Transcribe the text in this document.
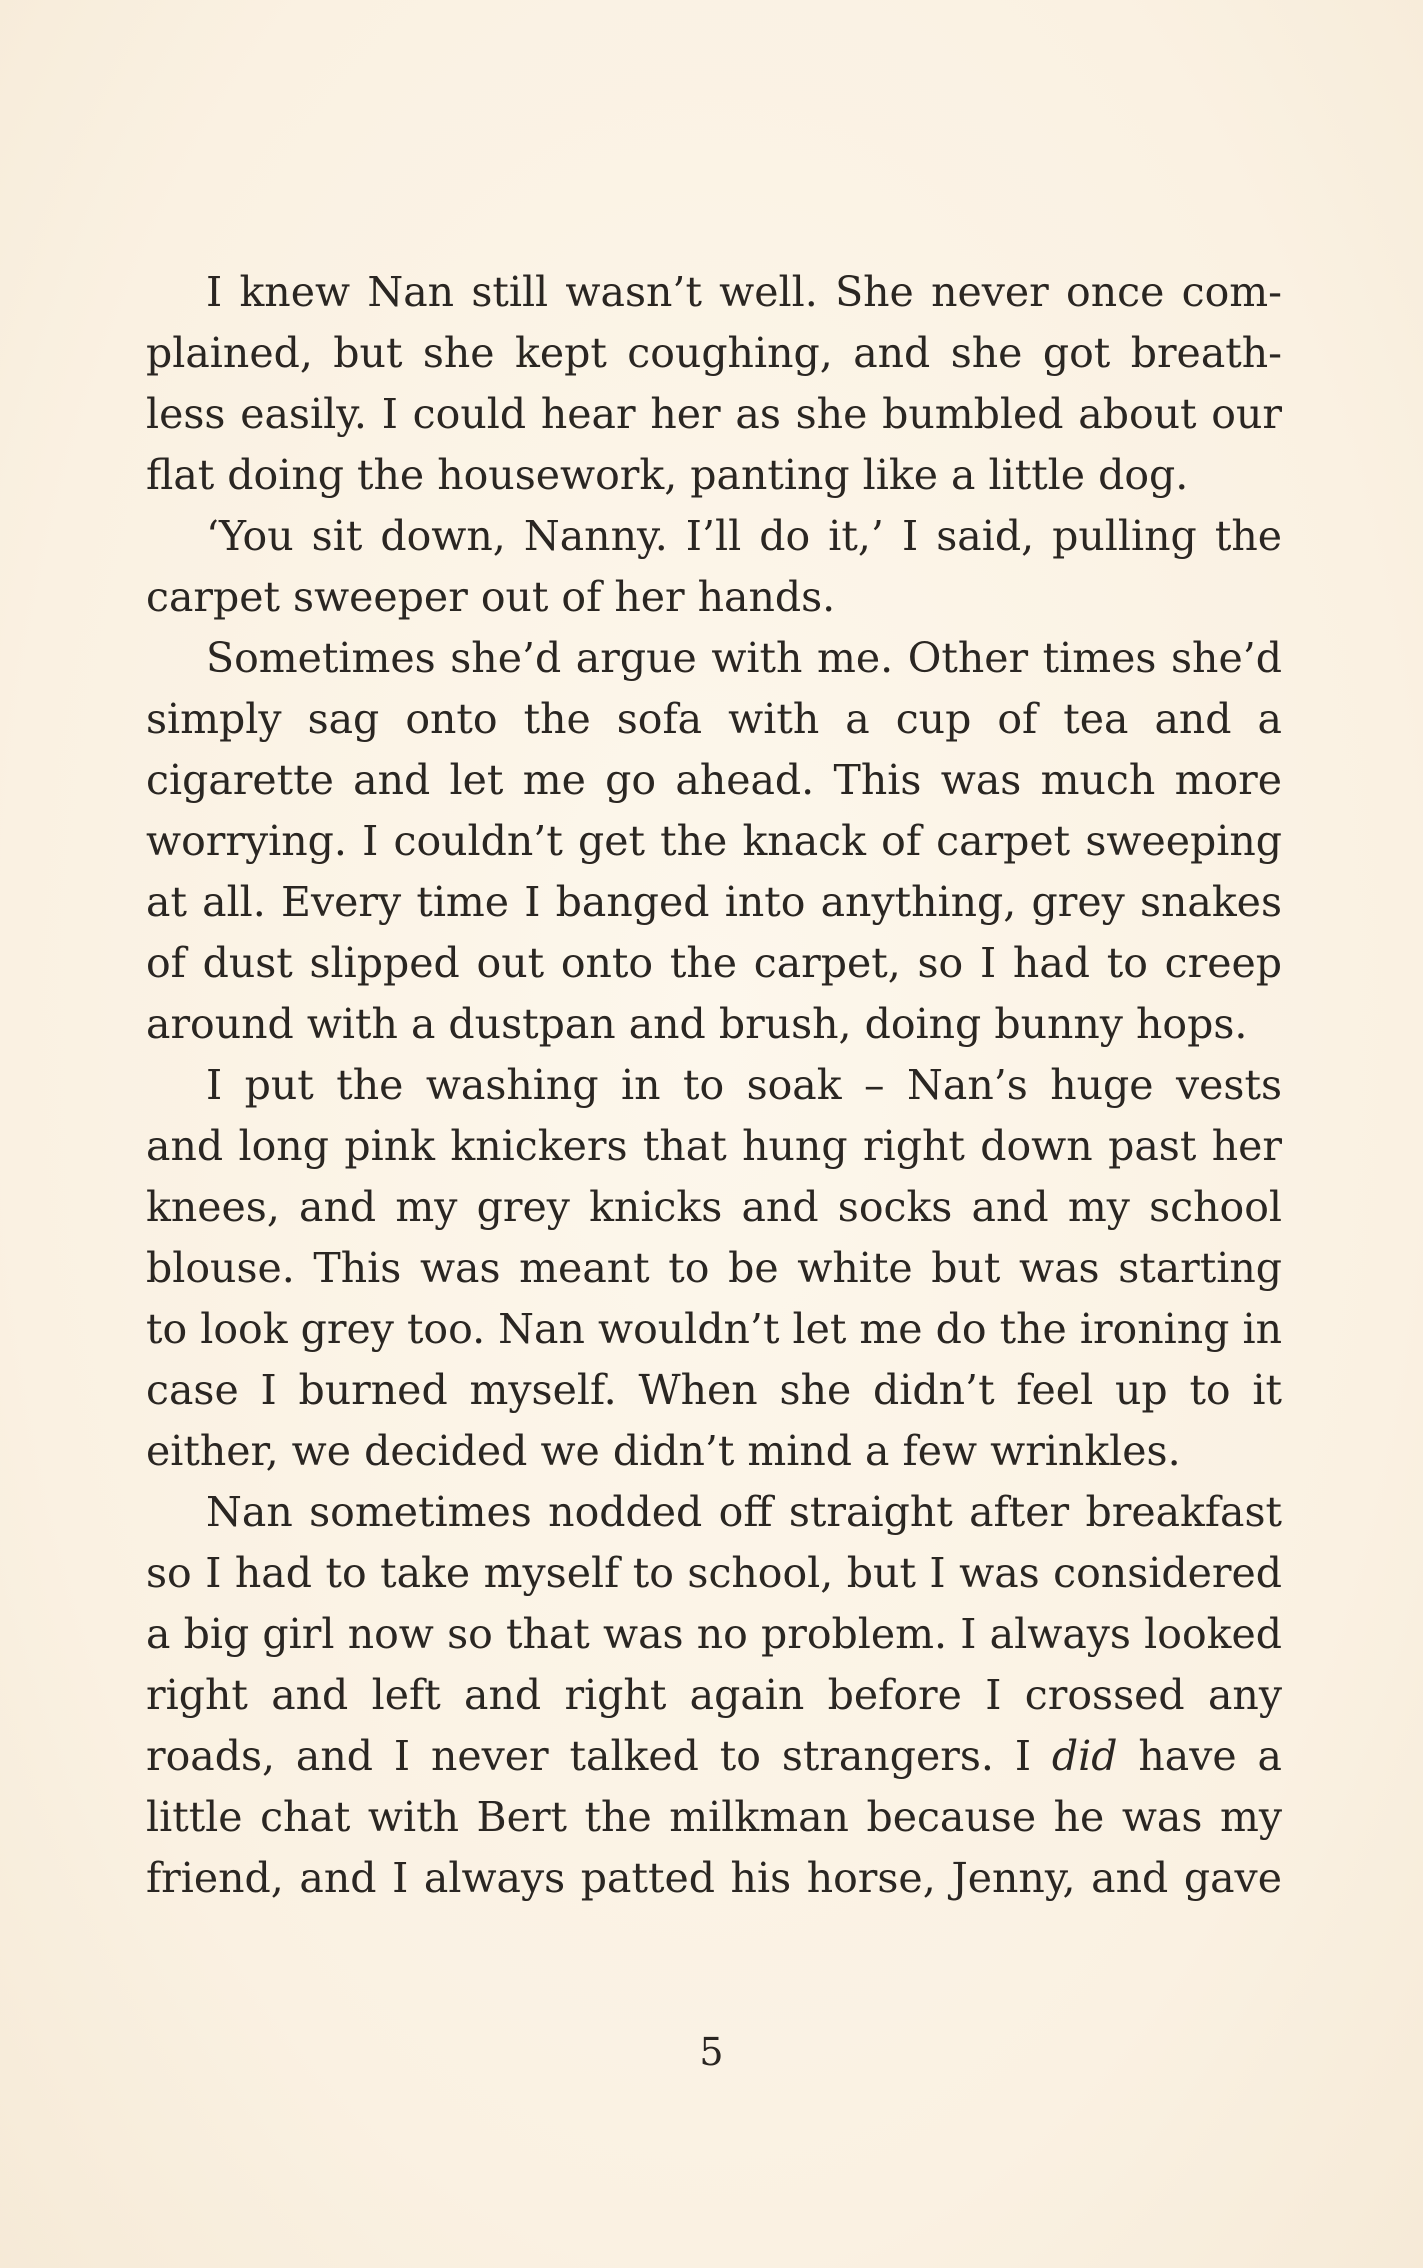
I knew Nan still wasn’t well. She never once com-
plained, but she kept coughing, and she got breath-
less easily. I could hear her as she bumbled about our
flat doing the housework, panting like a little dog.
‘You sit down, Nanny. I’ll do it,’ I said, pulling the
carpet sweeper out of her hands.
Sometimes she’d argue with me. Other times she’d
simply sag onto the sofa with a cup of tea and a
cigarette and let me go ahead. This was much more
worrying. I couldn’t get the knack of carpet sweeping
at all. Every time I banged into anything, grey snakes
of dust slipped out onto the carpet, so I had to creep
around with a dustpan and brush, doing bunny hops.
I put the washing in to soak – Nan’s huge vests
and long pink knickers that hung right down past her
knees, and my grey knicks and socks and my school
blouse. This was meant to be white but was starting
to look grey too. Nan wouldn’t let me do the ironing in
case I burned myself. When she didn’t feel up to it
either, we decided we didn’t mind a few wrinkles.
Nan sometimes nodded off straight after breakfast
so I had to take myself to school, but I was considered
a big girl now so that was no problem. I always looked
right and left and right again before I crossed any
roads, and I never talked to strangers. I did have a
little chat with Bert the milkman because he was my
friend, and I always patted his horse, Jenny, and gave
5
